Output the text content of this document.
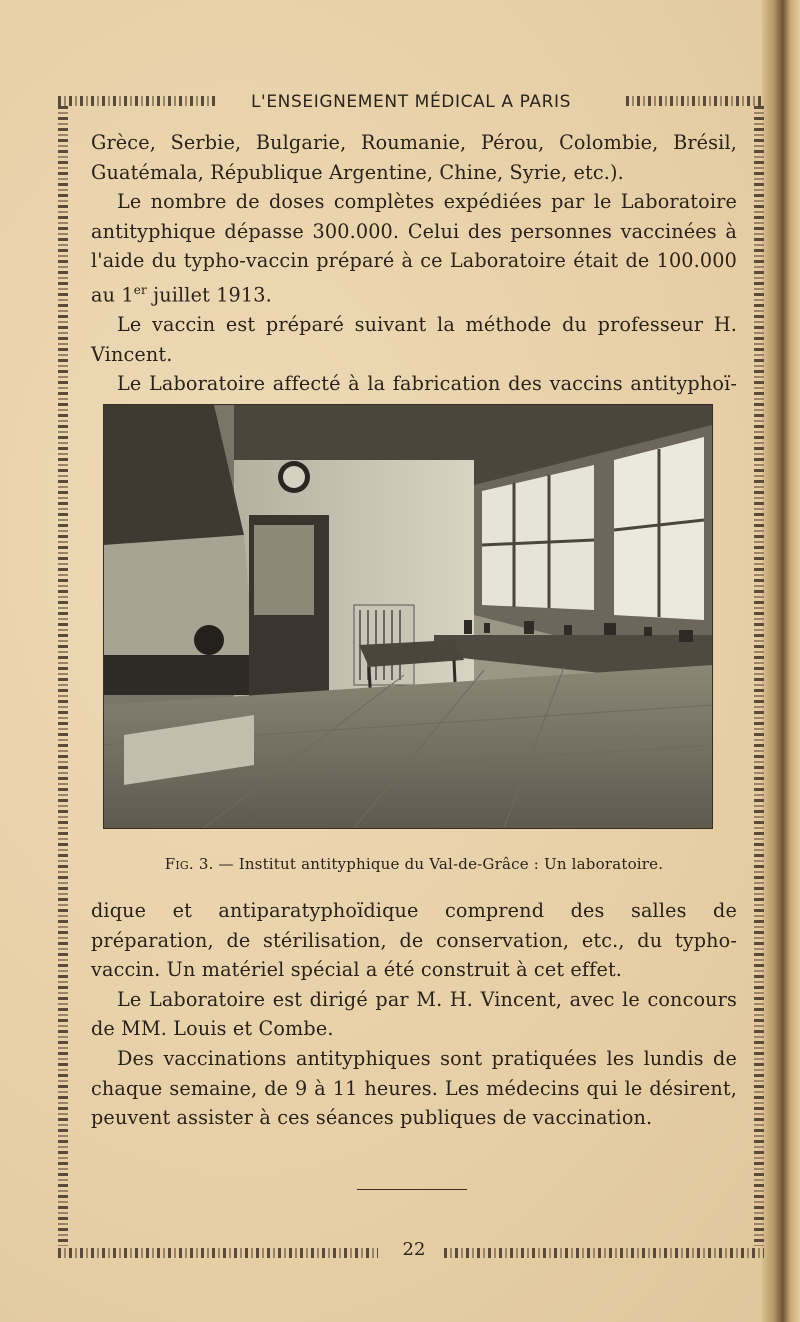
L'ENSEIGNEMENT MÉDICAL A PARIS

Grèce, Serbie, Bulgarie, Roumanie, Pérou, Colombie, Brésil, Guatémala, République Argentine, Chine, Syrie, etc.).

Le nombre de doses complètes expédiées par le Laboratoire antityphique dépasse 300.000. Celui des personnes vaccinées à l'aide du typho-vaccin préparé à ce Laboratoire était de 100.000 au 1er juillet 1913.

Le vaccin est préparé suivant la méthode du professeur H. Vincent.

Le Laboratoire affecté à la fabrication des vaccins antityphoï-

Fig. 3. — Institut antityphique du Val-de-Grâce : Un laboratoire.

dique et antiparatyphoïdique comprend des salles de préparation, de stérilisation, de conservation, etc., du typho-vaccin. Un matériel spécial a été construit à cet effet.

Le Laboratoire est dirigé par M. H. Vincent, avec le concours de MM. Louis et Combe.

Des vaccinations antityphiques sont pratiquées les lundis de chaque semaine, de 9 à 11 heures. Les médecins qui le désirent, peuvent assister à ces séances publiques de vaccination.

22
